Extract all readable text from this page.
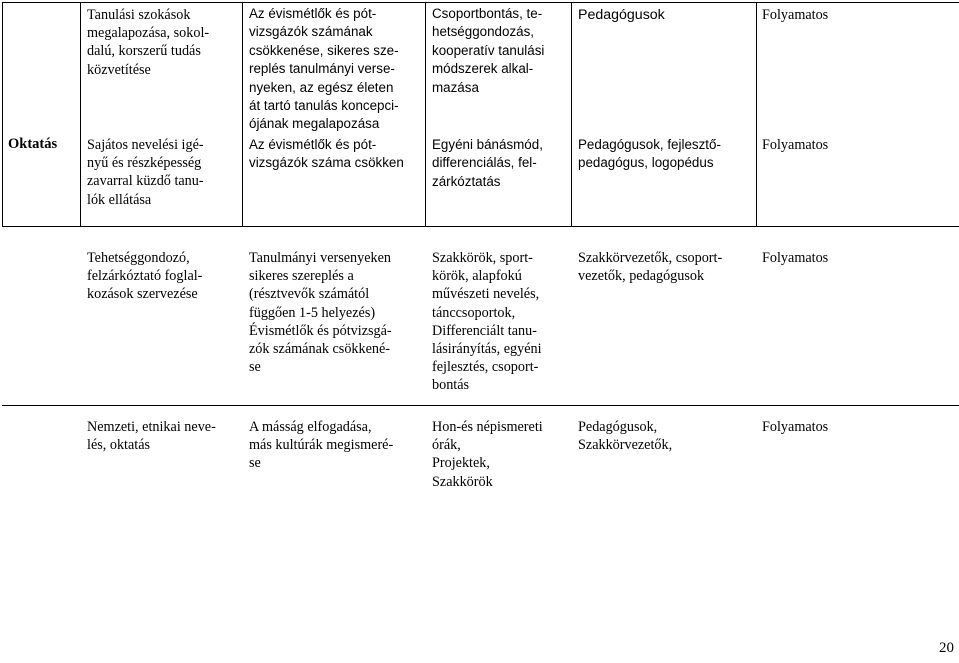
Oktatás
Tanulási szokások
megalapozása, sokol-
dalú, korszerű tudás
közvetítése
Az évismétlők és pót-
vizsgázók számának
csökkenése, sikeres sze-
replés tanulmányi verse-
nyeken, az egész életen
át tartó tanulás koncepci-
ójának megalapozása
Csoportbontás, te-
hetséggondozás,
kooperatív tanulási
módszerek alkal-
mazása
Pedagógusok	Folyamatos
Sajátos nevelési igé-
nyű és részképesség
zavarral küzdő tanu-
lók ellátása
Az évismétlők és pót-
vizsgázók száma csökken
Egyéni bánásmód,
differenciálás, fel-
zárkóztatás
Pedagógusok, fejlesztő-
pedagógus, logopédus
Folyamatos
Tehetséggondozó,
felzárkóztató foglal-
kozások szervezése
Tanulmányi versenyeken
sikeres szereplés a
(résztvevők számától
függően 1-5 helyezés)
Évismétlők és pótvizsgá-
zók számának csökkené-
se
Szakkörök, sport-
körök, alapfokú
művészeti nevelés,
tánccsoportok,
Differenciált tanu-
lásirányítás, egyéni
fejlesztés, csoport-
bontás
Szakkörvezetők, csoport-
vezetők, pedagógusok
Folyamatos
Nemzeti, etnikai neve-
lés, oktatás
A másság elfogadása,
más kultúrák megismeré-
se
Hon-és népismereti
órák,
Projektek,
Szakkörök
Pedagógusok,
Szakkörvezetők,
Folyamatos
20
